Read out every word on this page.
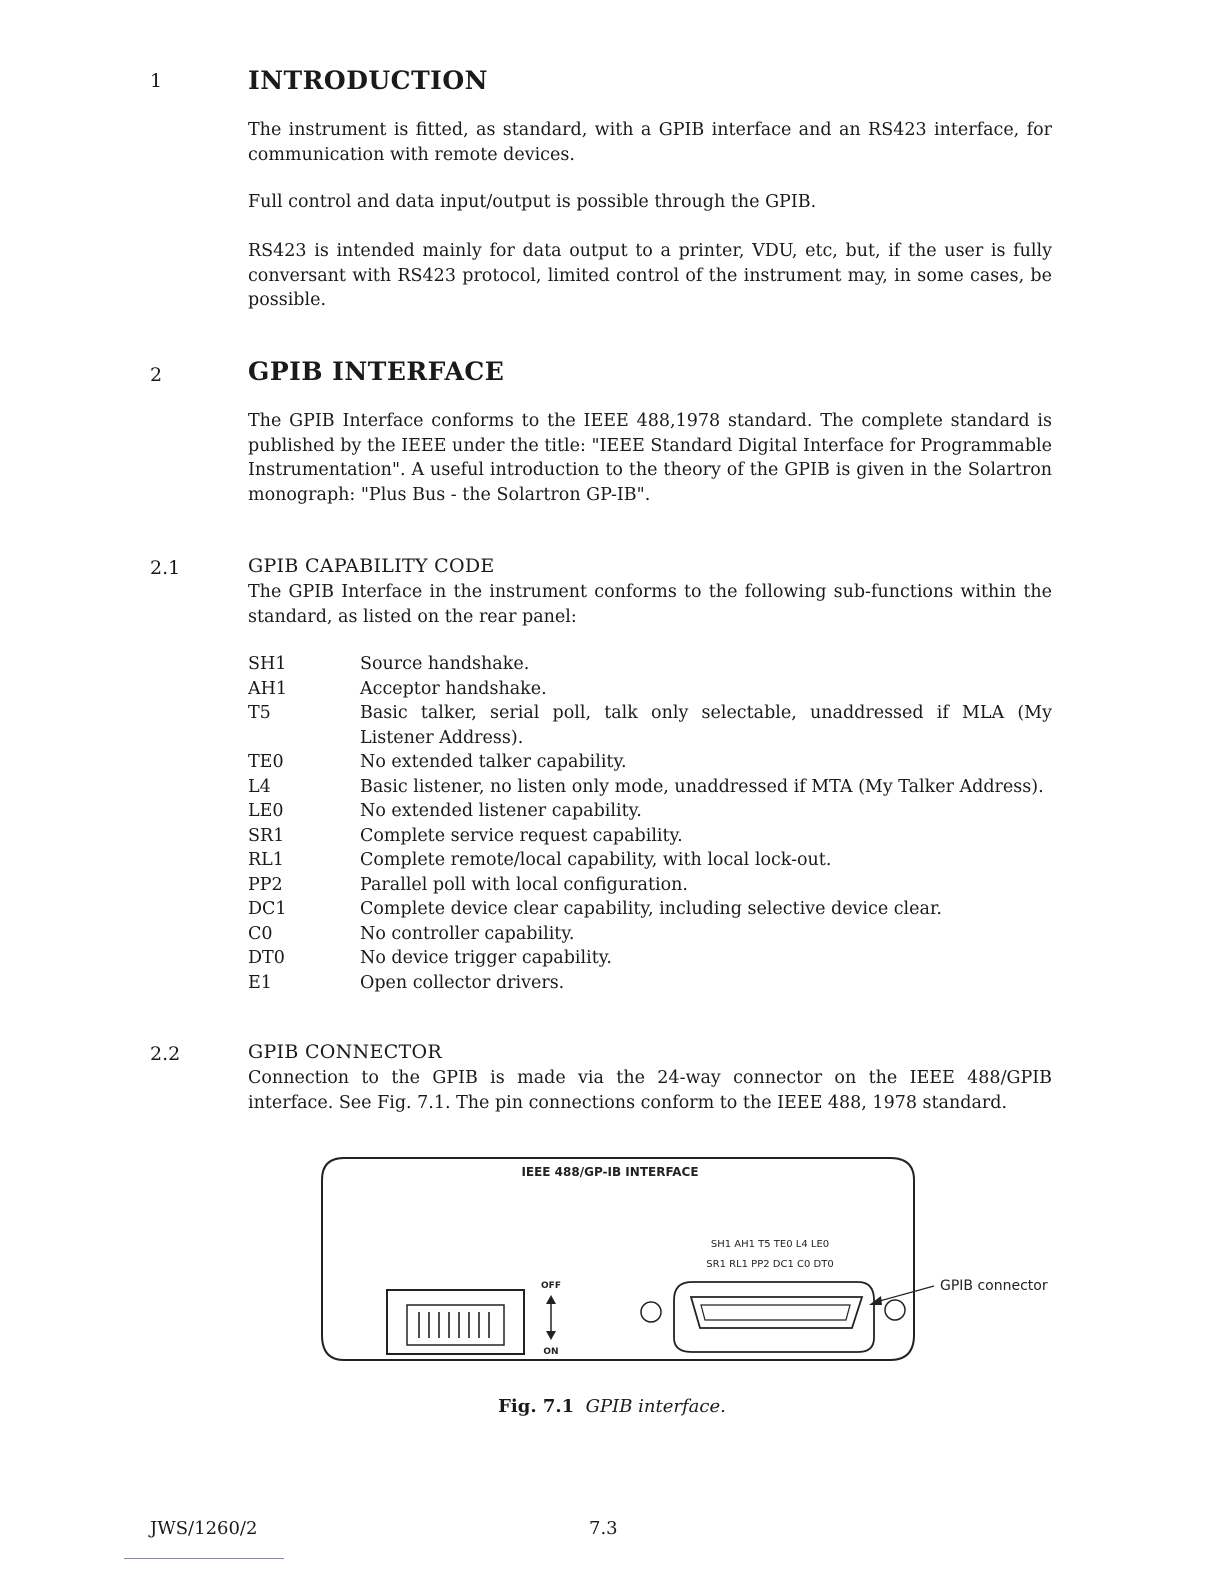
1	INTRODUCTION

The instrument is fitted, as standard, with a GPIB interface and an RS423 interface, for communication with remote devices.

Full control and data input/output is possible through the GPIB.

RS423 is intended mainly for data output to a printer, VDU, etc, but, if the user is fully conversant with RS423 protocol, limited control of the instrument may, in some cases, be possible.

2	GPIB INTERFACE

The GPIB Interface conforms to the IEEE 488,1978 standard. The complete standard is published by the IEEE under the title: "IEEE Standard Digital Interface for Programmable Instrumentation". A useful introduction to the theory of the GPIB is given in the Solartron monograph: "Plus Bus - the Solartron GP-IB".

2.1	GPIB CAPABILITY CODE

The GPIB Interface in the instrument conforms to the following sub-functions within the standard, as listed on the rear panel:

SH1	Source handshake.
AH1	Acceptor handshake.
T5	Basic talker, serial poll, talk only selectable, unaddressed if MLA (My Listener Address).
TE0	No extended talker capability.
L4	Basic listener, no listen only mode, unaddressed if MTA (My Talker Address).
LE0	No extended listener capability.
SR1	Complete service request capability.
RL1	Complete remote/local capability, with local lock-out.
PP2	Parallel poll with local configuration.
DC1	Complete device clear capability, including selective device clear.
C0	No controller capability.
DT0	No device trigger capability.
E1	Open collector drivers.
2.2	GPIB CONNECTOR

Connection to the GPIB is made via the 24-way connector on the IEEE 488/GPIB interface. See Fig. 7.1. The pin connections conform to the IEEE 488, 1978 standard.

IEEE 488/GP-IB INTERFACE
SH1 AH1 T5 TE0 L4 LE0
SR1 RL1 PP2 DC1 C0 DT0
OFF
ON
GPIB connector
Fig. 7.1 GPIB interface.
JWS/1260/2	7.3
